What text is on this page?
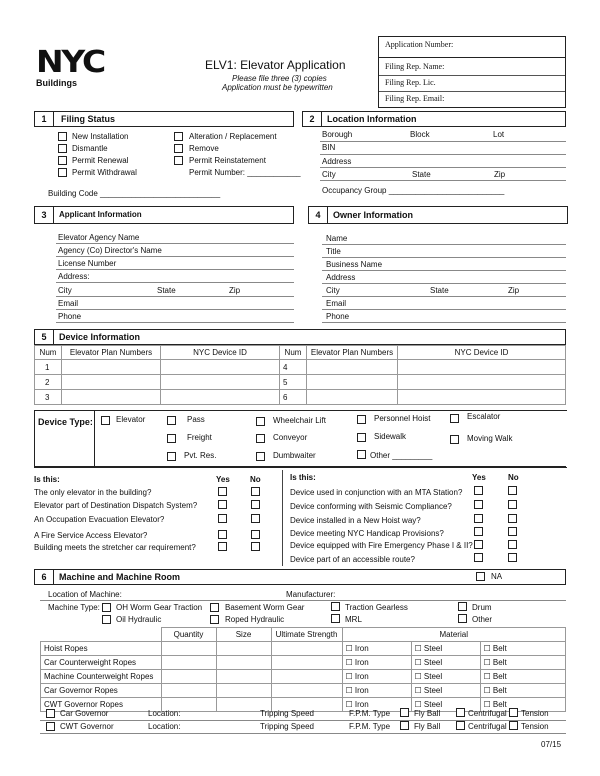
NYC
Buildings
ELV1: Elevator Application
Please file three (3) copies
Application must be typewritten
Application Number:
Filing Rep. Name:
Filing Rep. Lic.
Filing Rep. Email:
1	Filing Status
New Installation
Dismantle
Permit Renewal
Permit Withdrawal
Alteration / Replacement
Remove
Permit Reinstatement
Permit Number: ____________
Building Code ___________________________
2	Location Information
Borough	Block	Lot
BIN
Address
City	State	Zip
Occupancy Group __________________________
3	Applicant Information
Elevator Agency Name
Agency (Co) Director's Name
License Number
Address:
City	State	Zip
Email
Phone
4	Owner Information
Name
Title
Business Name
Address
City	State	Zip
Email
Phone
5	Device Information
Num	Elevator Plan Numbers	NYC Device ID	Num	Elevator Plan Numbers	NYC Device ID
1			4		
2			5		
3			6		
Device Type:	Elevator	Pass	Wheelchair Lift	Personnel Hoist	Escalator
Freight	Conveyor	Sidewalk	Moving Walk
Pvt. Res.	Dumbwaiter	Other _________
Is this:	Yes	No
The only elevator in the building?
Elevator part of Destination Dispatch System?
An Occupation Evacuation Elevator?
A Fire Service Access Elevator?
Building meets the stretcher car requirement?
Is this:	Yes	No
Device used in conjunction with an MTA Station?
Device conforming with Seismic Compliance?
Device installed in a New Hoist way?
Device meeting NYC Handicap Provisions?
Device equipped with Fire Emergency Phase I & II?
Device part of an accessible route?
6	Machine and Machine Room	NA
Location of Machine:	Manufacturer:
Machine Type: OH Worm Gear Traction	Basement Worm Gear	Traction Gearless	Drum
Oil Hydraulic	Roped Hydraulic	MRL	Other
	Quantity	Size	Ultimate Strength	Material		
Hoist Ropes				☐ Iron	☐ Steel	☐ Belt
Car Counterweight Ropes				☐ Iron	☐ Steel	☐ Belt
Machine Counterweight Ropes				☐ Iron	☐ Steel	☐ Belt
Car Governor Ropes				☐ Iron	☐ Steel	☐ Belt
CWT Governor Ropes				☐ Iron	☐ Steel	☐ Belt
Car Governor	Location:	Tripping Speed	F.P.M. Type	Fly Ball	Centrifugal Tension
CWT Governor	Location:	Tripping Speed	F.P.M. Type	Fly Ball	Centrifugal Tension
07/15
